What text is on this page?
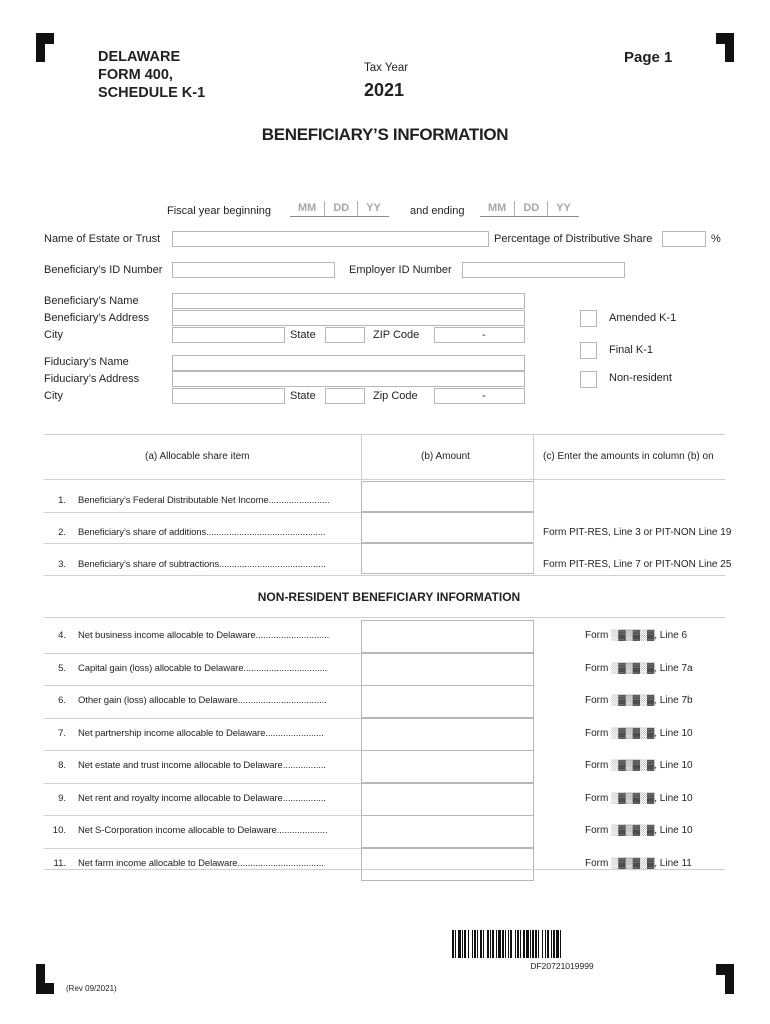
DELAWARE
FORM 400,
SCHEDULE K-1
Tax Year
2021
Page 1
BENEFICIARY’S INFORMATION
Fiscal year beginning	MM	DD	YY	and ending	MM	DD	YY
Name of Estate or Trust	Percentage of Distributive Share	%
Beneficiary’s ID Number	Employer ID Number
Beneficiary’s Name
Beneficiary’s Address
City	State	ZIP Code	-
Fiduciary’s Name
Fiduciary’s Address
City	State	Zip Code	-
Amended K-1
Final K-1
Non-resident
(a) Allocable share item	(b) Amount	(c) Enter the amounts in column (b) on
1. Beneficiary’s Federal Distributable Net Income........................
2. Beneficiary’s share of additions...............................................	Form PIT-RES, Line 3 or PIT-NON Line 19
3. Beneficiary’s share of subtractions..........................................	Form PIT-RES, Line 7 or PIT-NON Line 25
NON-RESIDENT BENEFICIARY INFORMATION
4. Net business income allocable to Delaware.............................	Form ░▓▒▓░▓, Line 6
5. Capital gain (loss) allocable to Delaware.................................	Form ░▓▒▓░▓, Line 7a
6. Other gain (loss) allocable to Delaware...................................	Form ░▓▒▓░▓, Line 7b
7. Net partnership income allocable to Delaware.......................	Form ░▓▒▓░▓, Line 10
8. Net estate and trust income allocable to Delaware.................	Form ░▓▒▓░▓, Line 10
9. Net rent and royalty income allocable to Delaware.................	Form ░▓▒▓░▓, Line 10
10. Net S-Corporation income allocable to Delaware....................	Form ░▓▒▓░▓, Line 10
11. Net farm income allocable to Delaware..................................	Form ░▓▒▓░▓, Line 11
DF20721019999
(Rev 09/2021)
